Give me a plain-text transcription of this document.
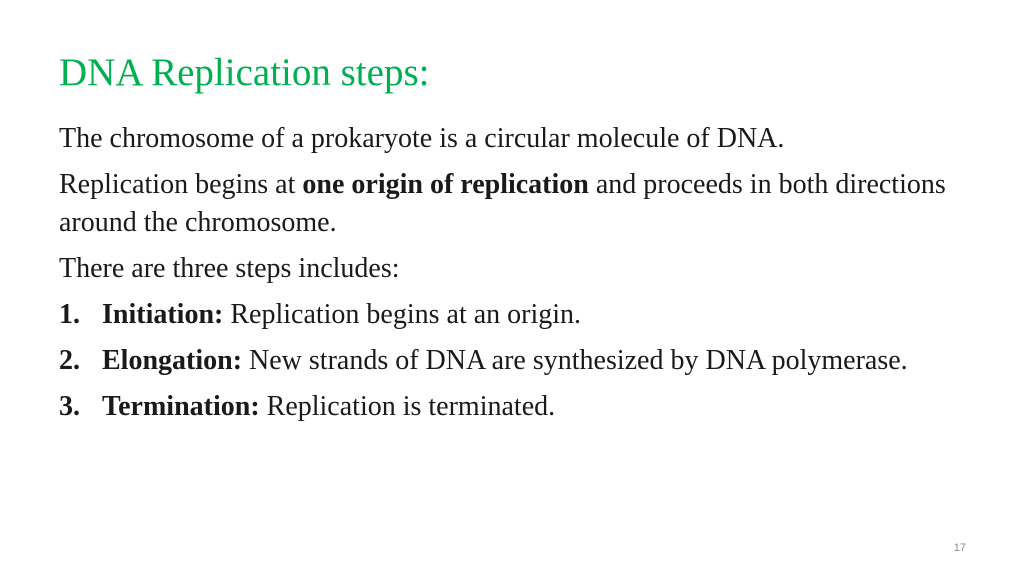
DNA Replication steps:

The chromosome of a prokaryote is a circular molecule of DNA.

Replication begins at one origin of replication and proceeds in both directions around the chromosome.

There are three steps includes:

1. Initiation: Replication begins at an origin.
2. Elongation: New strands of DNA are synthesized by DNA polymerase.
3. Termination: Replication is terminated.
17
